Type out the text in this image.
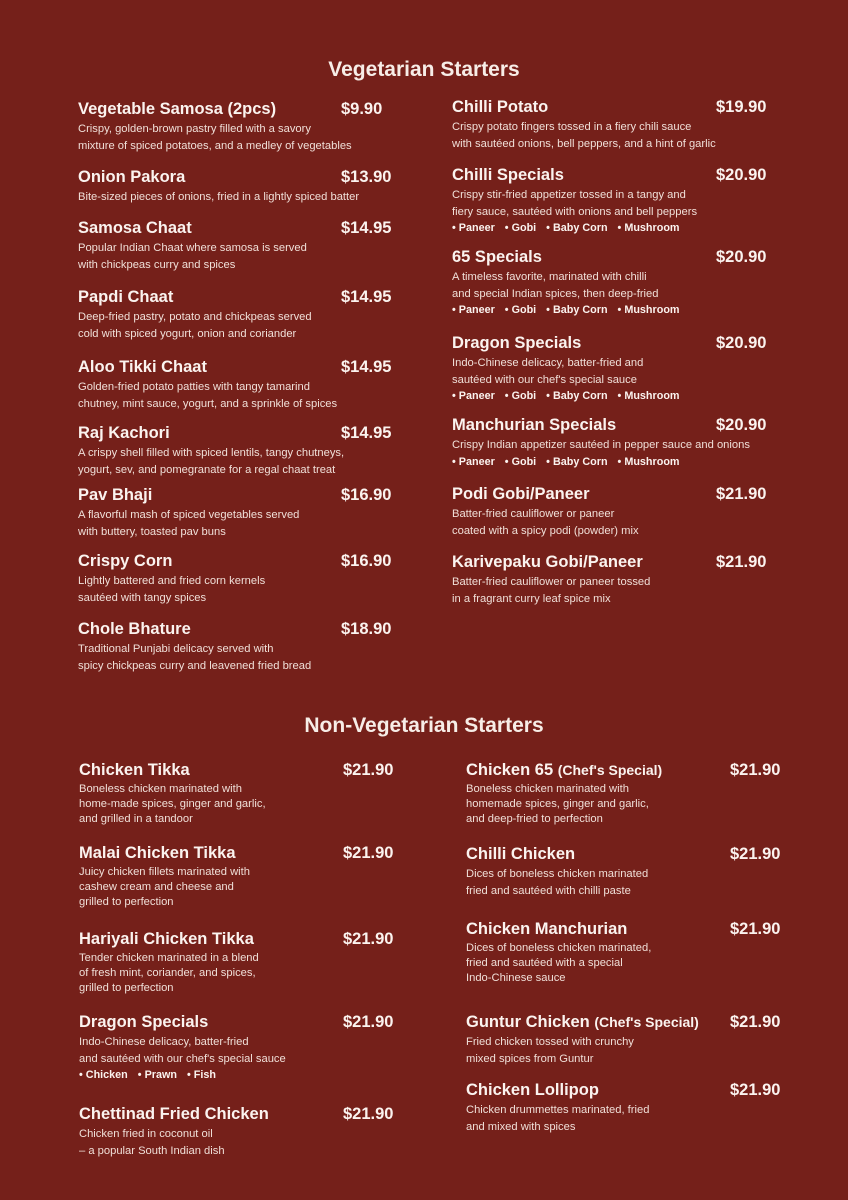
Vegetarian Starters
Vegetable Samosa (2pcs)	$9.90
Crispy, golden-brown pastry filled with a savory
mixture of spiced potatoes, and a medley of vegetables
Onion Pakora	$13.90
Bite-sized pieces of onions, fried in a lightly spiced batter
Samosa Chaat	$14.95
Popular Indian Chaat where samosa is served
with chickpeas curry and spices
Papdi Chaat	$14.95
Deep-fried pastry, potato and chickpeas served
cold with spiced yogurt, onion and coriander
Aloo Tikki Chaat	$14.95
Golden-fried potato patties with tangy tamarind
chutney, mint sauce, yogurt, and a sprinkle of spices
Raj Kachori	$14.95
A crispy shell filled with spiced lentils, tangy chutneys,
yogurt, sev, and pomegranate for a regal chaat treat
Pav Bhaji	$16.90
A flavorful mash of spiced vegetables served
with buttery, toasted pav buns
Crispy Corn	$16.90
Lightly battered and fried corn kernels
sautéed with tangy spices
Chole Bhature	$18.90
Traditional Punjabi delicacy served with
spicy chickpeas curry and leavened fried bread
Chilli Potato	$19.90
Crispy potato fingers tossed in a fiery chili sauce
with sautéed onions, bell peppers, and a hint of garlic
Chilli Specials	$20.90
Crispy stir-fried appetizer tossed in a tangy and
fiery sauce, sautéed with onions and bell peppers
• Paneer • Gobi • Baby Corn • Mushroom
65 Specials	$20.90
A timeless favorite, marinated with chilli
and special Indian spices, then deep-fried
• Paneer • Gobi • Baby Corn • Mushroom
Dragon Specials	$20.90
Indo-Chinese delicacy, batter-fried and
sautéed with our chef's special sauce
• Paneer • Gobi • Baby Corn • Mushroom
Manchurian Specials	$20.90
Crispy Indian appetizer sautéed in pepper sauce and onions
• Paneer • Gobi • Baby Corn • Mushroom
Podi Gobi/Paneer	$21.90
Batter-fried cauliflower or paneer
coated with a spicy podi (powder) mix
Karivepaku Gobi/Paneer	$21.90
Batter-fried cauliflower or paneer tossed
in a fragrant curry leaf spice mix
Non-Vegetarian Starters
Chicken Tikka	$21.90
Boneless chicken marinated with
home-made spices, ginger and garlic,
and grilled in a tandoor
Malai Chicken Tikka	$21.90
Juicy chicken fillets marinated with
cashew cream and cheese and
grilled to perfection
Hariyali Chicken Tikka	$21.90
Tender chicken marinated in a blend
of fresh mint, coriander, and spices,
grilled to perfection
Dragon Specials	$21.90
Indo-Chinese delicacy, batter-fried
and sautéed with our chef's special sauce
• Chicken • Prawn • Fish
Chettinad Fried Chicken	$21.90
Chicken fried in coconut oil
– a popular South Indian dish
Chicken 65 (Chef's Special)	$21.90
Boneless chicken marinated with
homemade spices, ginger and garlic,
and deep-fried to perfection
Chilli Chicken	$21.90
Dices of boneless chicken marinated
fried and sautéed with chilli paste
Chicken Manchurian	$21.90
Dices of boneless chicken marinated,
fried and sautéed with a special
Indo-Chinese sauce
Guntur Chicken (Chef's Special) $21.90
Fried chicken tossed with crunchy
mixed spices from Guntur
Chicken Lollipop	$21.90
Chicken drummettes marinated, fried
and mixed with spices
